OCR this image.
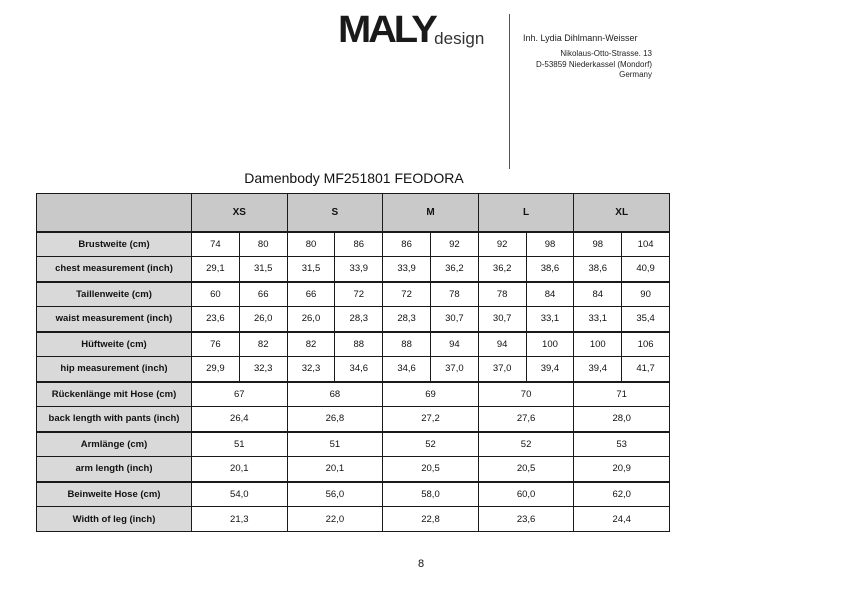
MALY design	Inh. Lydia Dihlmann-Weisser
Nikolaus-Otto-Strasse. 13
D-53859 Niederkassel (Mondorf)
Germany
Damenbody MF251801 FEODORA
	XS		S		M		L		XL	
Brustweite (cm)	74	80	80	86	86	92	92	98	98	104
chest measurement (inch)	29,1	31,5	31,5	33,9	33,9	36,2	36,2	38,6	38,6	40,9
Taillenweite (cm)	60	66	66	72	72	78	78	84	84	90
waist measurement (inch)	23,6	26,0	26,0	28,3	28,3	30,7	30,7	33,1	33,1	35,4
Hüftweite (cm)	76	82	82	88	88	94	94	100	100	106
hip measurement (inch)	29,9	32,3	32,3	34,6	34,6	37,0	37,0	39,4	39,4	41,7
Rückenlänge mit Hose (cm)	67		68		69		70		71	
back length with pants (inch)	26,4		26,8		27,2		27,6		28,0	
Armlänge (cm)	51		51		52		52		53	
arm length (inch)	20,1		20,1		20,5		20,5		20,9	
Beinweite Hose (cm)	54,0		56,0		58,0		60,0		62,0	
Width of leg (inch)	21,3		22,0		22,8		23,6		24,4	
8
